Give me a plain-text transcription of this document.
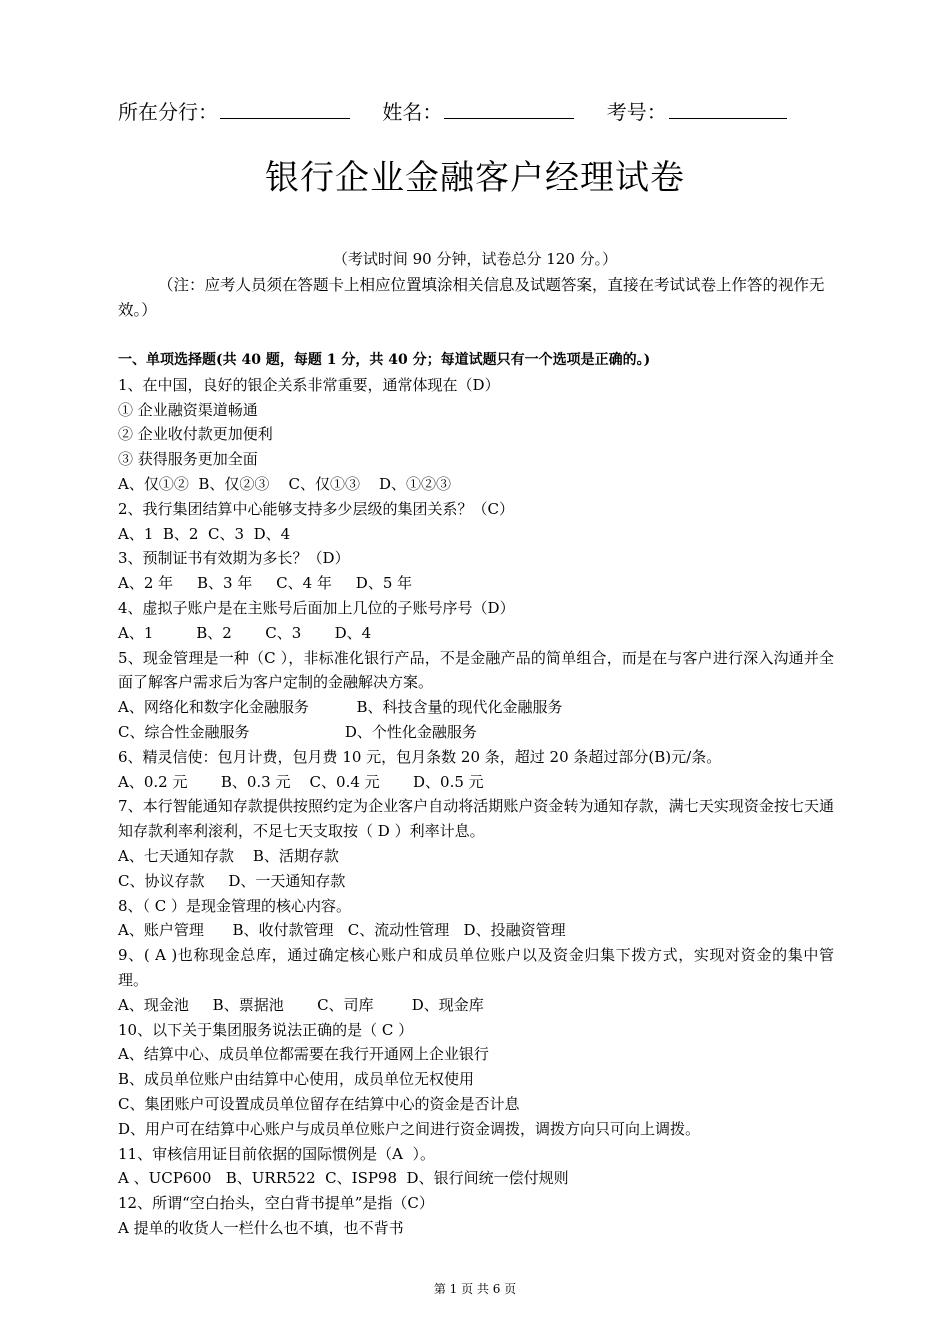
所在分行：	姓名：	考号：
银行企业金融客户经理试卷
（考试时间 90 分钟，试卷总分 120 分。）
（注：应考人员须在答题卡上相应位置填涂相关信息及试题答案，直接在考试试卷上作答的视作无效。）
一、单项选择题(共 40 题，每题 1 分，共 40 分；每道试题只有一个选项是正确的。)
1、在中国，良好的银企关系非常重要，通常体现在（D）
① 企业融资渠道畅通
② 企业收付款更加便利
③ 获得服务更加全面
A、仅①②  B、仅②③    C、仅①③    D、①②③
2、我行集团结算中心能够支持多少层级的集团关系？（C）
A、1  B、2  C、3  D、4
3、预制证书有效期为多长？（D）
A、2 年     B、3 年     C、4 年     D、5 年
4、虚拟子账户是在主账号后面加上几位的子账号序号（D）
A、1         B、2       C、3       D、4
5、现金管理是一种（C ），非标准化银行产品，不是金融产品的简单组合，而是在与客户进行深入沟通并全面了解客户需求后为客户定制的金融解决方案。
A、网络化和数字化金融服务          B、科技含量的现代化金融服务
C、综合性金融服务                    D、个性化金融服务
6、精灵信使：包月计费，包月费 10 元，包月条数 20 条，超过 20 条超过部分(B)元/条。
A、0.2 元       B、0.3 元    C、0.4 元       D、0.5 元
7、本行智能通知存款提供按照约定为企业客户自动将活期账户资金转为通知存款，满七天实现资金按七天通知存款利率利滚利，不足七天支取按（ D ）利率计息。
A、七天通知存款    B、活期存款
C、协议存款     D、一天通知存款
8、（ C ）是现金管理的核心内容。
A、账户管理      B、收付款管理   C、流动性管理   D、投融资管理
9、( A )也称现金总库，通过确定核心账户和成员单位账户以及资金归集下拨方式，实现对资金的集中管理。
A、现金池     B、票据池       C、司库        D、现金库
10、以下关于集团服务说法正确的是（ C ）
A、结算中心、成员单位都需要在我行开通网上企业银行
B、成员单位账户由结算中心使用，成员单位无权使用
C、集团账户可设置成员单位留存在结算中心的资金是否计息
D、用户可在结算中心账户与成员单位账户之间进行资金调拨，调拨方向只可向上调拨。
11、审核信用证目前依据的国际惯例是（A  ）。
A 、UCP600   B、URR522  C、ISP98  D、银行间统一偿付规则
12、所谓“空白抬头，空白背书提单”是指（C）
A 提单的收货人一栏什么也不填，也不背书
第 1 页 共 6 页
